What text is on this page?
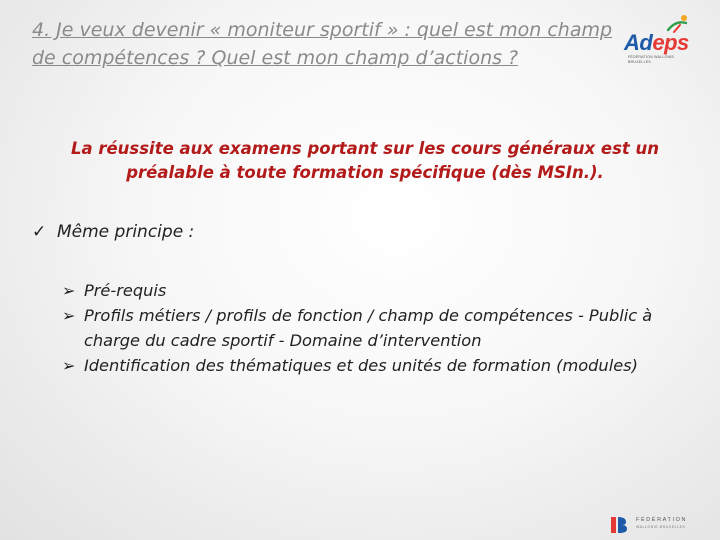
4. Je veux devenir « moniteur sportif » : quel est mon champ de compétences ? Quel est mon champ d’actions ?
Adeps
FÉDÉRATION WALLONIE-BRUXELLES

La réussite aux examens portant sur les cours généraux est un préalable à toute formation spécifique (dès MSIn.).

✓ Même principe :
➢ Pré-requis
➢ Profils métiers / profils de fonction / champ de compétences - Public à charge du cadre sportif - Domaine d’intervention
➢ Identification des thématiques et des unités de formation (modules)
FÉDÉRATION
WALLONIE-BRUXELLES
